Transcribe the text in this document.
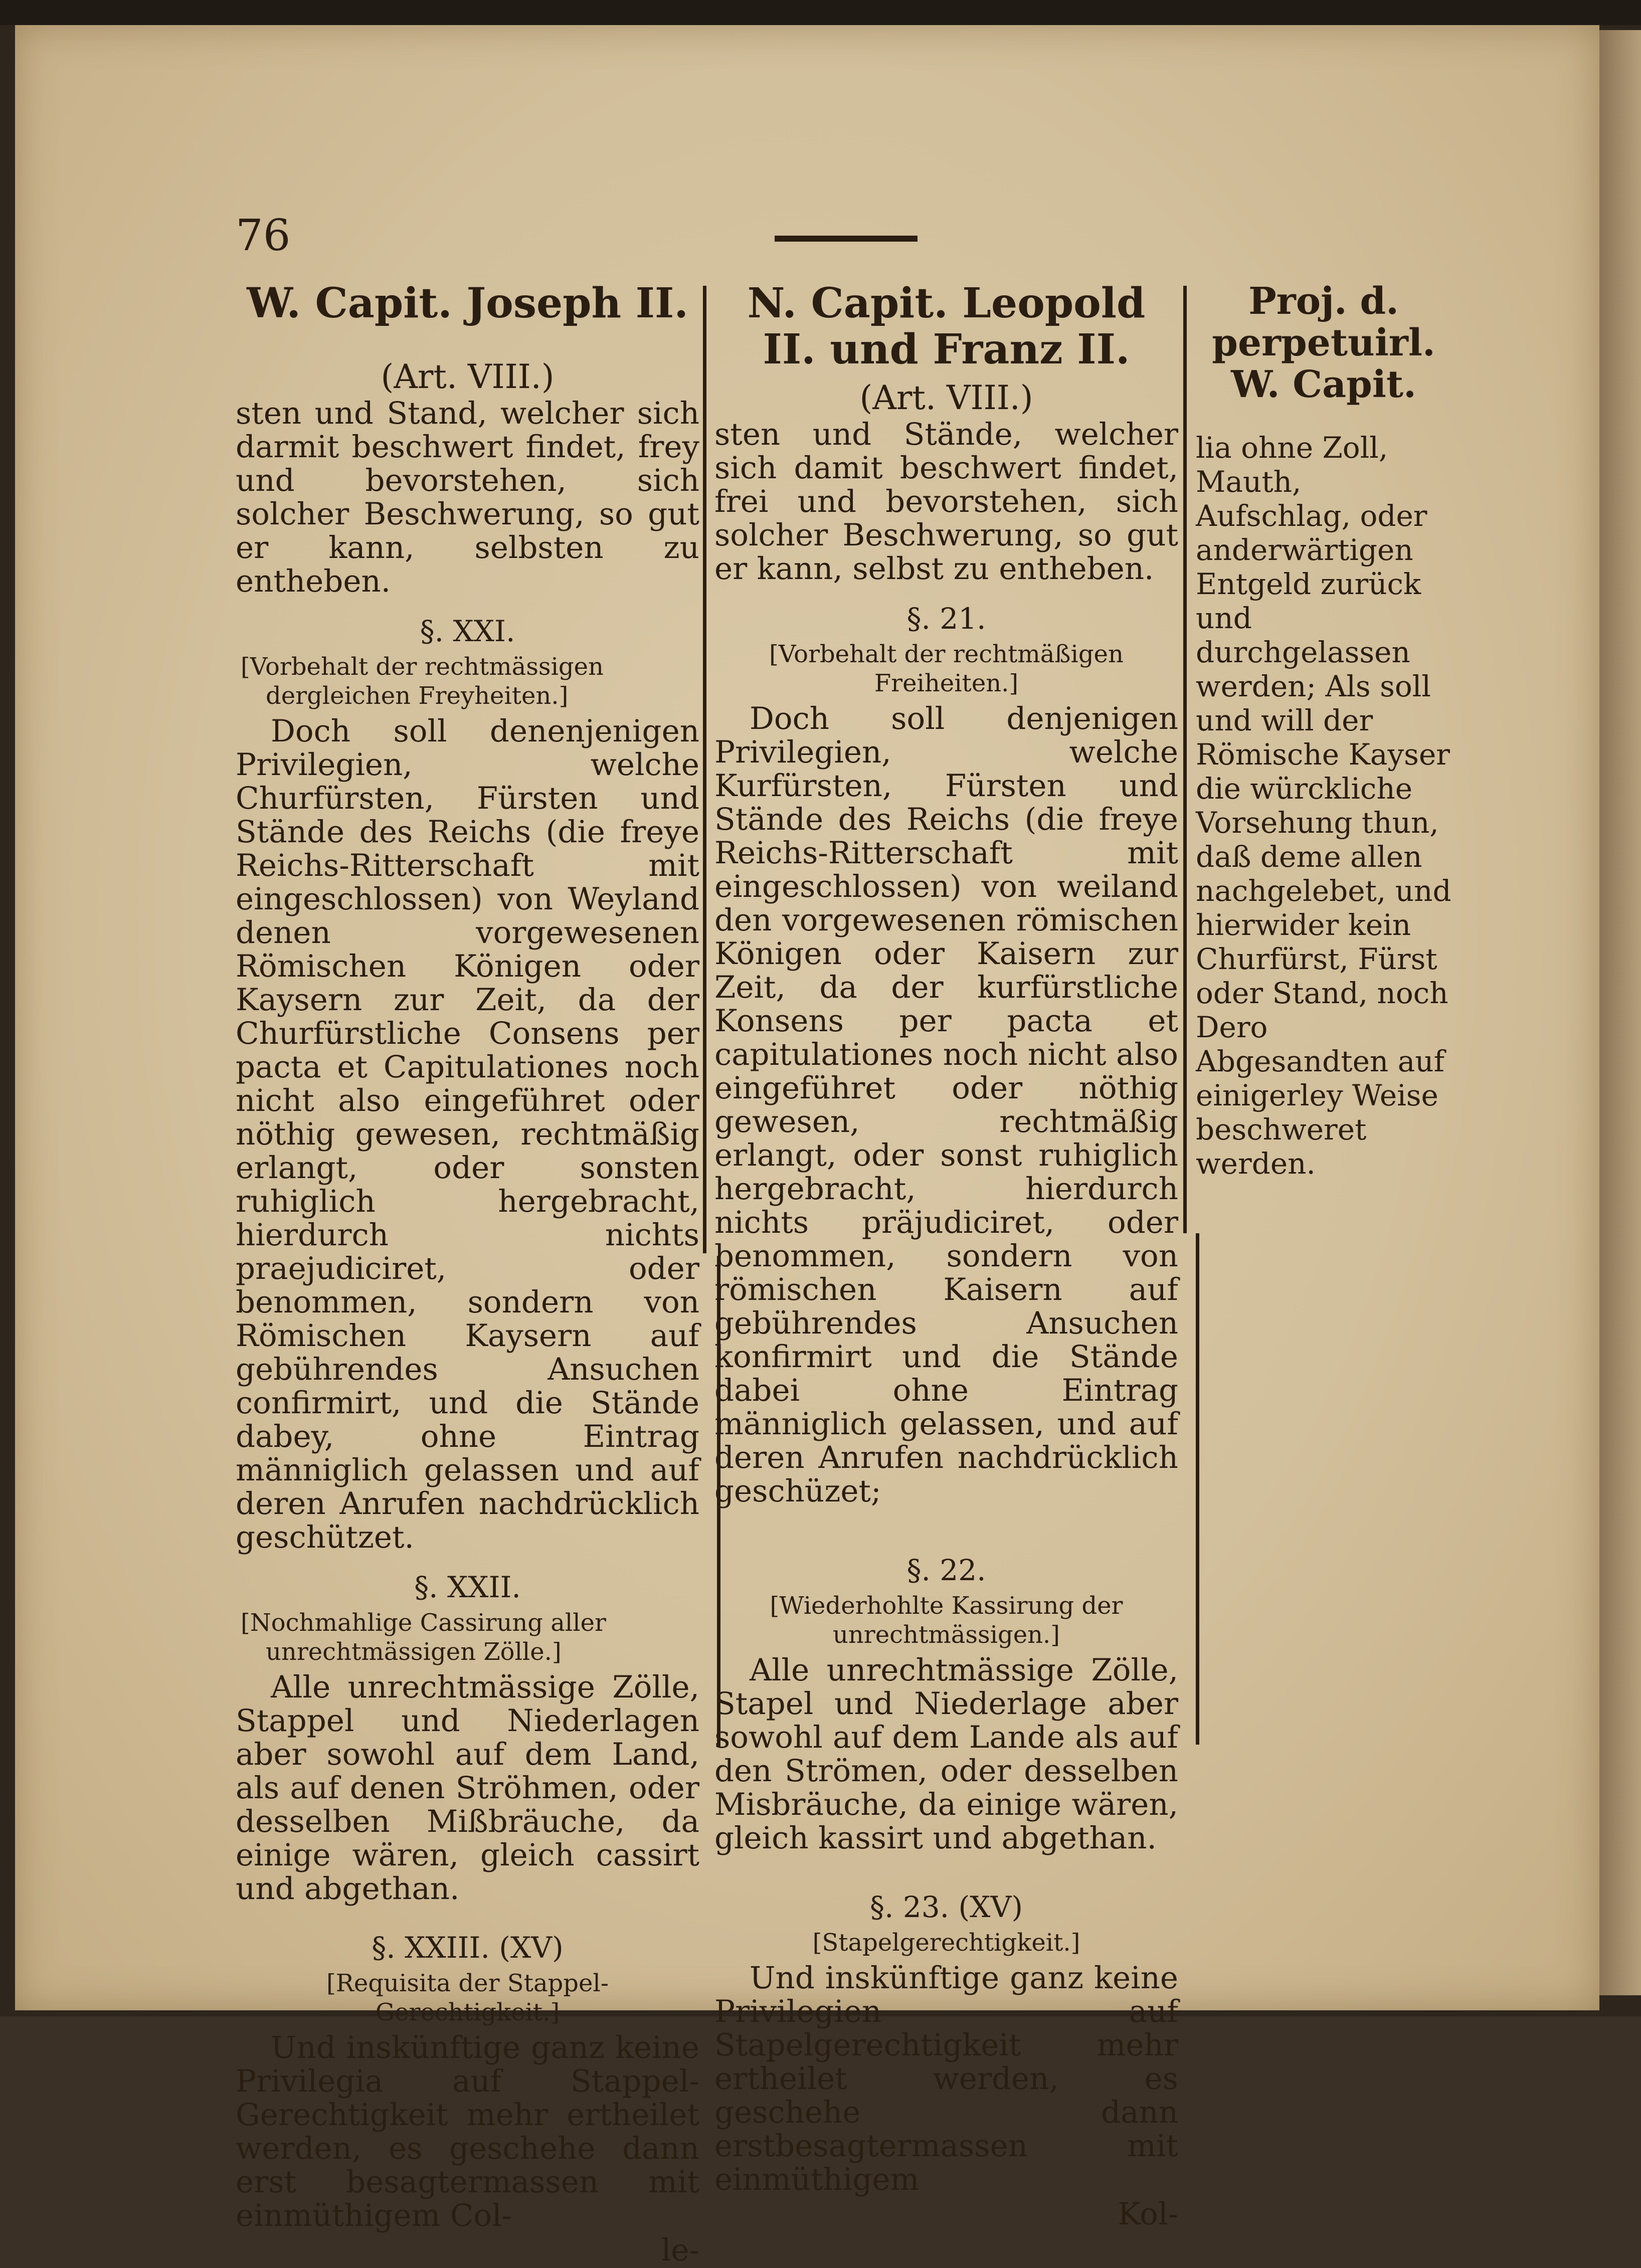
76

W. Capit. Joseph II.

(Art. VIII.)

sten und Stand, welcher sich darmit beschwert findet, frey und bevorstehen, sich solcher Beschwerung, so gut er kann, selbsten zu entheben.

§. XXI.

[Vorbehalt der rechtmässigen dergleichen Freyheiten.]

Doch soll denenjenigen Privilegien, welche Churfürsten, Fürsten und Stände des Reichs (die freye Reichs-Ritterschaft mit eingeschlossen) von Weyland denen vorgewesenen Römischen Königen oder Kaysern zur Zeit, da der Churfürstliche Consens per pacta et Capitulationes noch nicht also eingeführet oder nöthig gewesen, rechtmäßig erlangt, oder sonsten ruhiglich hergebracht, hierdurch nichts praejudiciret, oder benommen, sondern von Römischen Kaysern auf gebührendes Ansuchen confirmirt, und die Stände dabey, ohne Eintrag männiglich gelassen und auf deren Anrufen nachdrücklich geschützet.

§. XXII.

[Nochmahlige Cassirung aller unrechtmässigen Zölle.]

Alle unrechtmässige Zölle, Stappel und Niederlagen aber sowohl auf dem Land, als auf denen Ströhmen, oder desselben Mißbräuche, da einige wären, gleich cassirt und abgethan.

§. XXIII. (XV)

[Requisita der Stappel-Gerechtigkeit.]

Und inskünftige ganz keine Privilegia auf Stappel-Gerechtigkeit mehr ertheilet werden, es geschehe dann erst besagtermassen mit einmüthigem Col-

le-

N. Capit. Leopold II. und Franz II.

(Art. VIII.)

sten und Stände, welcher sich damit beschwert findet, frei und bevorstehen, sich solcher Beschwerung, so gut er kann, selbst zu entheben.

§. 21.

[Vorbehalt der rechtmäßigen Freiheiten.]

Doch soll denjenigen Privilegien, welche Kurfürsten, Fürsten und Stände des Reichs (die freye Reichs-Ritterschaft mit eingeschlossen) von weiland den vorgewesenen römischen Königen oder Kaisern zur Zeit, da der kurfürstliche Konsens per pacta et capitulationes noch nicht also eingeführet oder nöthig gewesen, rechtmäßig erlangt, oder sonst ruhiglich hergebracht, hierdurch nichts präjudiciret, oder benommen, sondern von römischen Kaisern auf gebührendes Ansuchen konfirmirt und die Stände dabei ohne Eintrag männiglich gelassen, und auf deren Anrufen nachdrücklich geschüzet;

§. 22.

[Wiederhohlte Kassirung der unrechtmässigen.]

Alle unrechtmässige Zölle, Stapel und Niederlage aber sowohl auf dem Lande als auf den Strömen, oder desselben Misbräuche, da einige wären, gleich kassirt und abgethan.

§. 23. (XV)

[Stapelgerechtigkeit.]

Und inskünftige ganz keine Privilegien auf Stapelgerechtigkeit mehr ertheilet werden, es geschehe dann erstbesagtermassen mit einmüthigem

Kol-

Proj. d. perpetuirl. W. Capit.

lia ohne Zoll, Mauth, Aufschlag, oder anderwärtigen Entgeld zurück und durchgelassen werden; Als soll und will der Römische Kayser die würckliche Vorsehung thun, daß deme allen nachgelebet, und hierwider kein Churfürst, Fürst oder Stand, noch Dero Abgesandten auf einigerley Weise beschweret werden.
